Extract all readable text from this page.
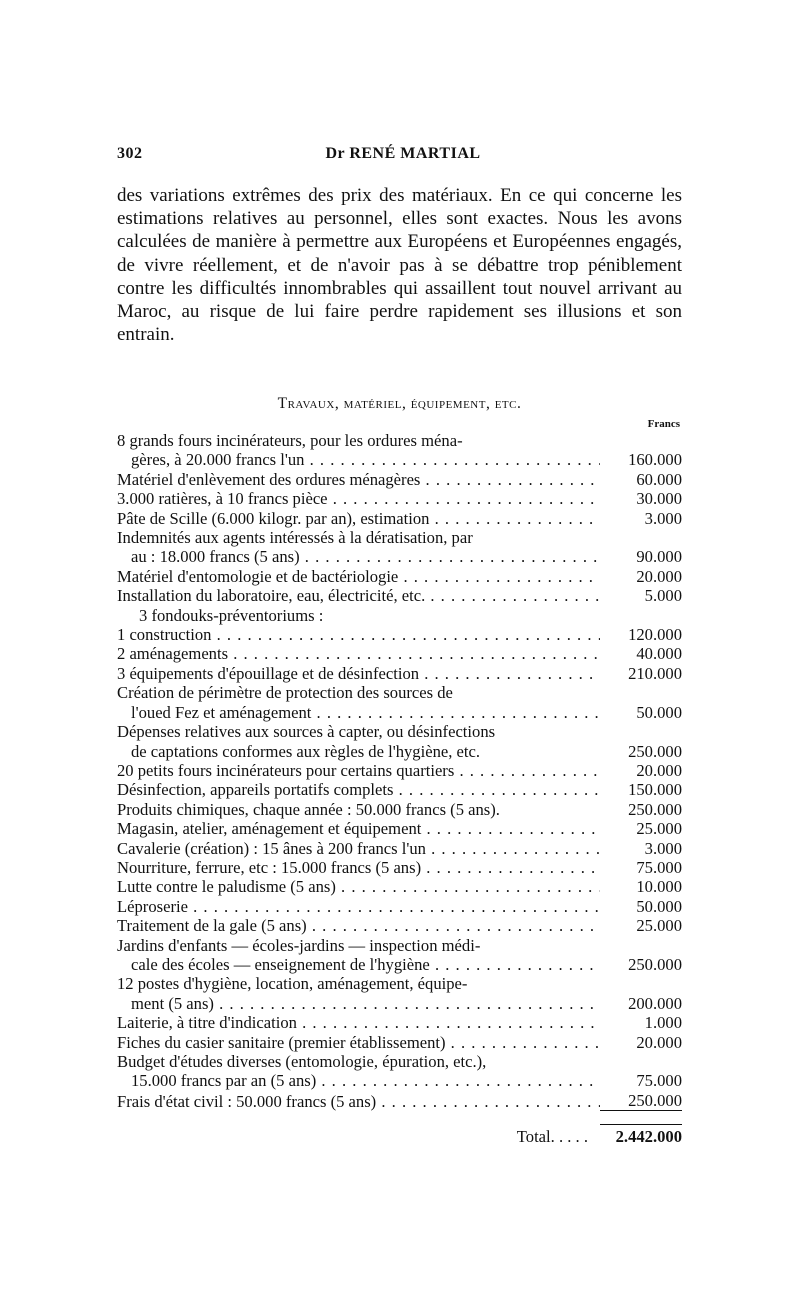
302	Dr RENÉ MARTIAL
des variations extrêmes des prix des matériaux. En ce qui concerne les estimations relatives au personnel, elles sont exactes. Nous les avons calculées de manière à permettre aux Européens et Européennes engagés, de vivre réellement, et de n'avoir pas à se débattre trop péniblement contre les difficultés innombrables qui assaillent tout nouvel arrivant au Maroc, au risque de lui faire perdre rapidement ses illusions et son entrain.
Travaux, matériel, équipement, etc.
Francs
8 grands fours incinérateurs, pour les ordures ména-
gères, à 20.000 francs l'un . . .	160.000
Matériel d'enlèvement des ordures ménagères . . .	60.000
3.000 ratières, à 10 francs pièce . . .	30.000
Pâte de Scille (6.000 kilogr. par an), estimation . . .	3.000
Indemnités aux agents intéressés à la dératisation, par
au : 18.000 francs (5 ans) . . .	90.000
Matériel d'entomologie et de bactériologie . . .	20.000
Installation du laboratoire, eau, électricité, etc. . . .	5.000
3 fondouks-préventoriums :
1 construction . . .	120.000
2 aménagements . . .	40.000
3 équipements d'épouillage et de désinfection . . .	210.000
Création de périmètre de protection des sources de
l'oued Fez et aménagement . . .	50.000
Dépenses relatives aux sources à capter, ou désinfections
de captations conformes aux règles de l'hygiène, etc.	250.000
20 petits fours incinérateurs pour certains quartiers . . .	20.000
Désinfection, appareils portatifs complets . . .	150.000
Produits chimiques, chaque année : 50.000 francs (5 ans).	250.000
Magasin, atelier, aménagement et équipement . . .	25.000
Cavalerie (création) : 15 ânes à 200 francs l'un . . .	3.000
Nourriture, ferrure, etc : 15.000 francs (5 ans) . . .	75.000
Lutte contre le paludisme (5 ans) . . .	10.000
Léproserie . . .	50.000
Traitement de la gale (5 ans) . . .	25.000
Jardins d'enfants — écoles-jardins — inspection médi-
cale des écoles — enseignement de l'hygiène . . .	250.000
12 postes d'hygiène, location, aménagement, équipe-
ment (5 ans) . . .	200.000
Laiterie, à titre d'indication . . .	1.000
Fiches du casier sanitaire (premier établissement) . . .	20.000
Budget d'études diverses (entomologie, épuration, etc.),
15.000 francs par an (5 ans) . . .	75.000
Frais d'état civil : 50.000 francs (5 ans) . . .	250.000
Total. . . . .	2.442.000
